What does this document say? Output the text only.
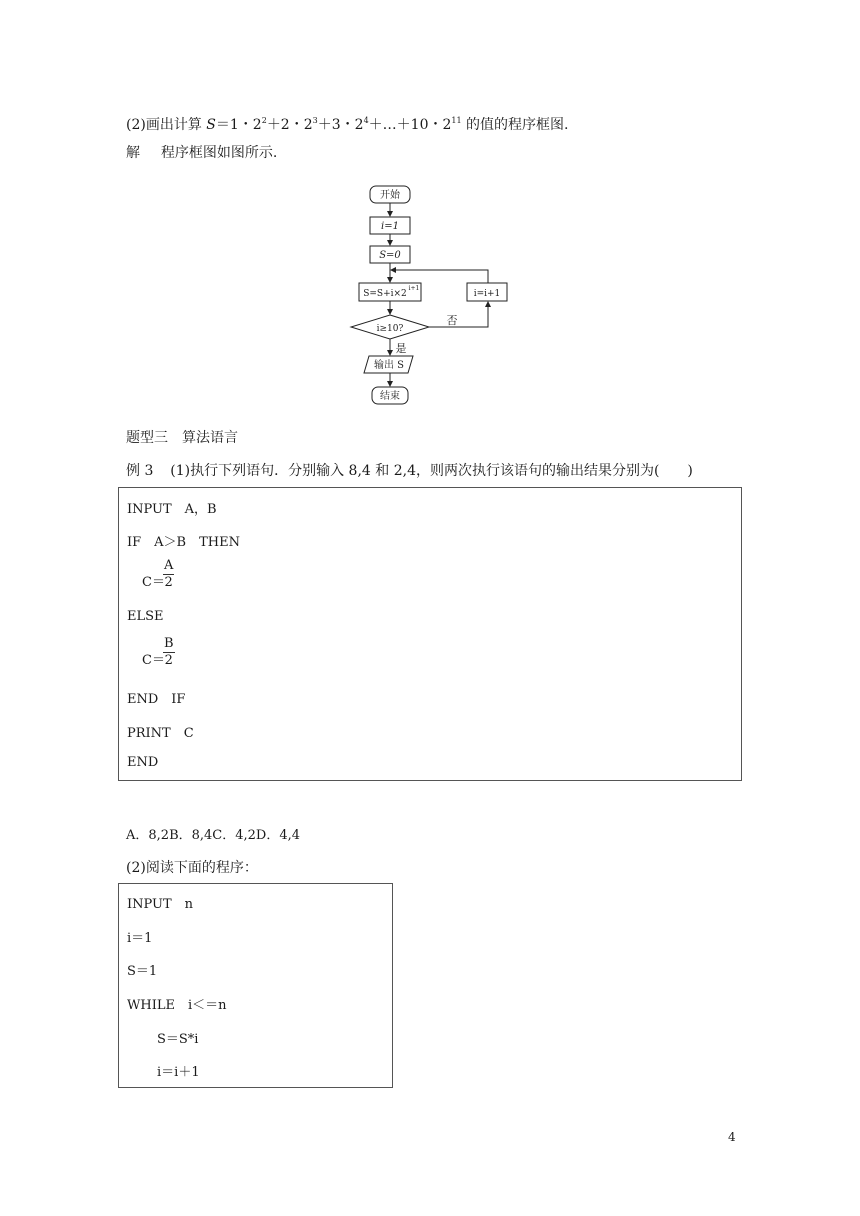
(2)画出计算 S＝1・$2^2+2$・$2^3+3$・$2^4+\dots+10$・$2^{11}$ 的值的程序框图.
解 程序框图如图所示.
开始
i=1
S=0
S=S+i×2
i+1
i=i+1
i≥10?
否
是
输出 S
结束
题型三　算法语言
例 3 (1)执行下列语句．分别输入 8,4 和 2,4，则两次执行该语句的输出结果分别为(　　)
INPUT　A，B
IF　A＞B　THEN
C＝
$\frac{A}{2}$
ELSE
C＝
$\frac{B}{2}$
END　IF
PRINT　C
END
A．8,2B．8,4C．4,2D．4,4
(2)阅读下面的程序：
INPUT　n
i＝1
S＝1
WHILE　i＜＝n
S＝S*i
i＝i＋1
4
